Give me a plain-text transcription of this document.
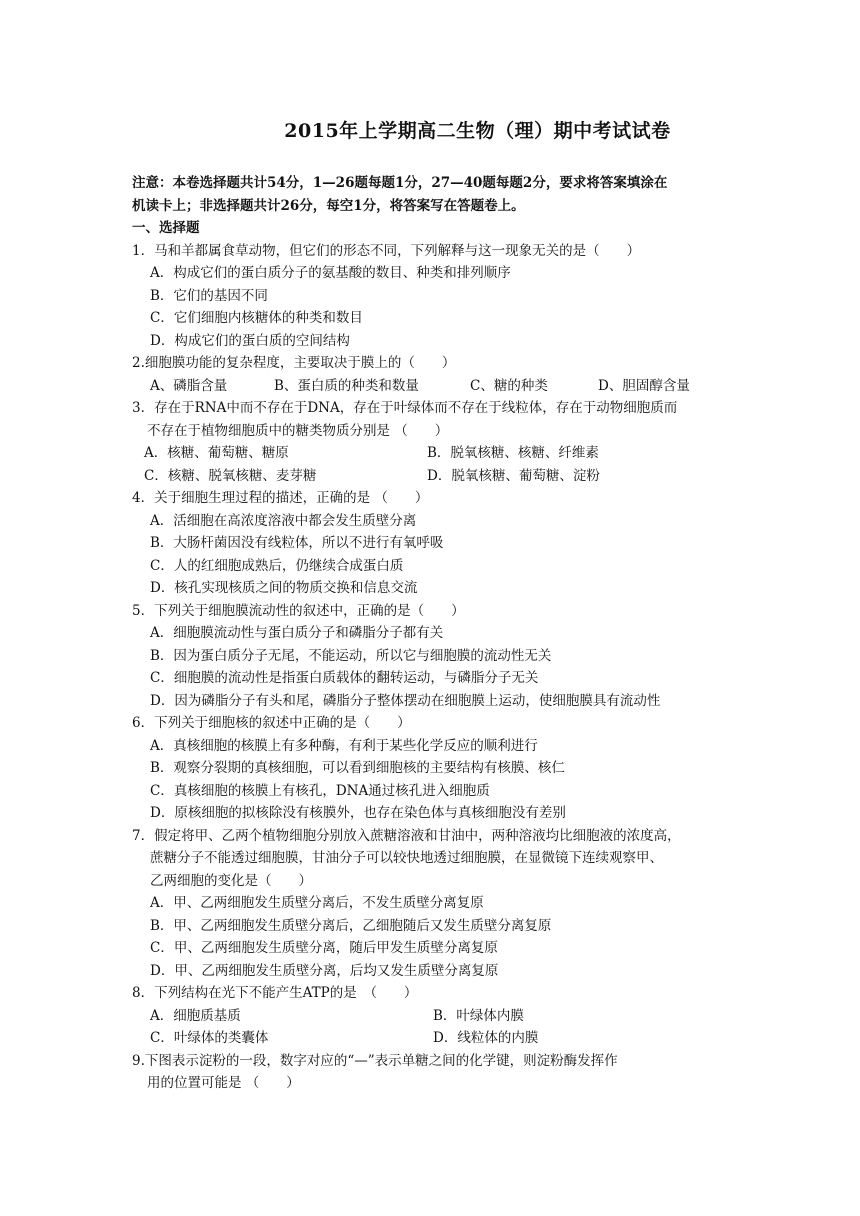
2015年上学期高二生物（理）期中考试试卷
注意：本卷选择题共计54分，1—26题每题1分，27—40题每题2分，要求将答案填涂在
机读卡上；非选择题共计26分，每空1分，将答案写在答题卷上。
一、选择题
1．马和羊都属食草动物，但它们的形态不同，下列解释与这一现象无关的是（　　）
A．构成它们的蛋白质分子的氨基酸的数目、种类和排列顺序
B．它们的基因不同
C．它们细胞内核糖体的种类和数目
D．构成它们的蛋白质的空间结构
2.细胞膜功能的复杂程度，主要取决于膜上的（　　）
A、磷脂含量	B、蛋白质的种类和数量	C、糖的种类	D、胆固醇含量
3．存在于RNA中而不存在于DNA，存在于叶绿体而不存在于线粒体，存在于动物细胞质而
不存在于植物细胞质中的糖类物质分别是 （　　）
A．核糖、葡萄糖、糖原	B．脱氧核糖、核糖、纤维素
C．核糖、脱氧核糖、麦芽糖	D．脱氧核糖、葡萄糖、淀粉
4．关于细胞生理过程的描述，正确的是 （　　）
A．活细胞在高浓度溶液中都会发生质壁分离
B．大肠杆菌因没有线粒体，所以不进行有氧呼吸
C．人的红细胞成熟后，仍继续合成蛋白质
D．核孔实现核质之间的物质交换和信息交流
5．下列关于细胞膜流动性的叙述中，正确的是（　　）
A．细胞膜流动性与蛋白质分子和磷脂分子都有关
B．因为蛋白质分子无尾，不能运动，所以它与细胞膜的流动性无关
C．细胞膜的流动性是指蛋白质载体的翻转运动，与磷脂分子无关
D．因为磷脂分子有头和尾，磷脂分子整体摆动在细胞膜上运动，使细胞膜具有流动性
6．下列关于细胞核的叙述中正确的是（　　）
A．真核细胞的核膜上有多种酶，有利于某些化学反应的顺利进行
B．观察分裂期的真核细胞，可以看到细胞核的主要结构有核膜、核仁
C．真核细胞的核膜上有核孔，DNA通过核孔进入细胞质
D．原核细胞的拟核除没有核膜外，也存在染色体与真核细胞没有差别
7．假定将甲、乙两个植物细胞分别放入蔗糖溶液和甘油中，两种溶液均比细胞液的浓度高，
蔗糖分子不能透过细胞膜，甘油分子可以较快地透过细胞膜，在显微镜下连续观察甲、
乙两细胞的变化是（　　）
A．甲、乙两细胞发生质壁分离后，不发生质壁分离复原
B．甲、乙两细胞发生质壁分离后，乙细胞随后又发生质壁分离复原
C．甲、乙两细胞发生质壁分离，随后甲发生质壁分离复原
D．甲、乙两细胞发生质壁分离，后均又发生质壁分离复原
8．下列结构在光下不能产生ATP的是　（　　）
A．细胞质基质	B．叶绿体内膜
C．叶绿体的类囊体	D．线粒体的内膜
9.下图表示淀粉的一段，数字对应的“—”表示单糖之间的化学键，则淀粉酶发挥作
用的位置可能是 （　　）
